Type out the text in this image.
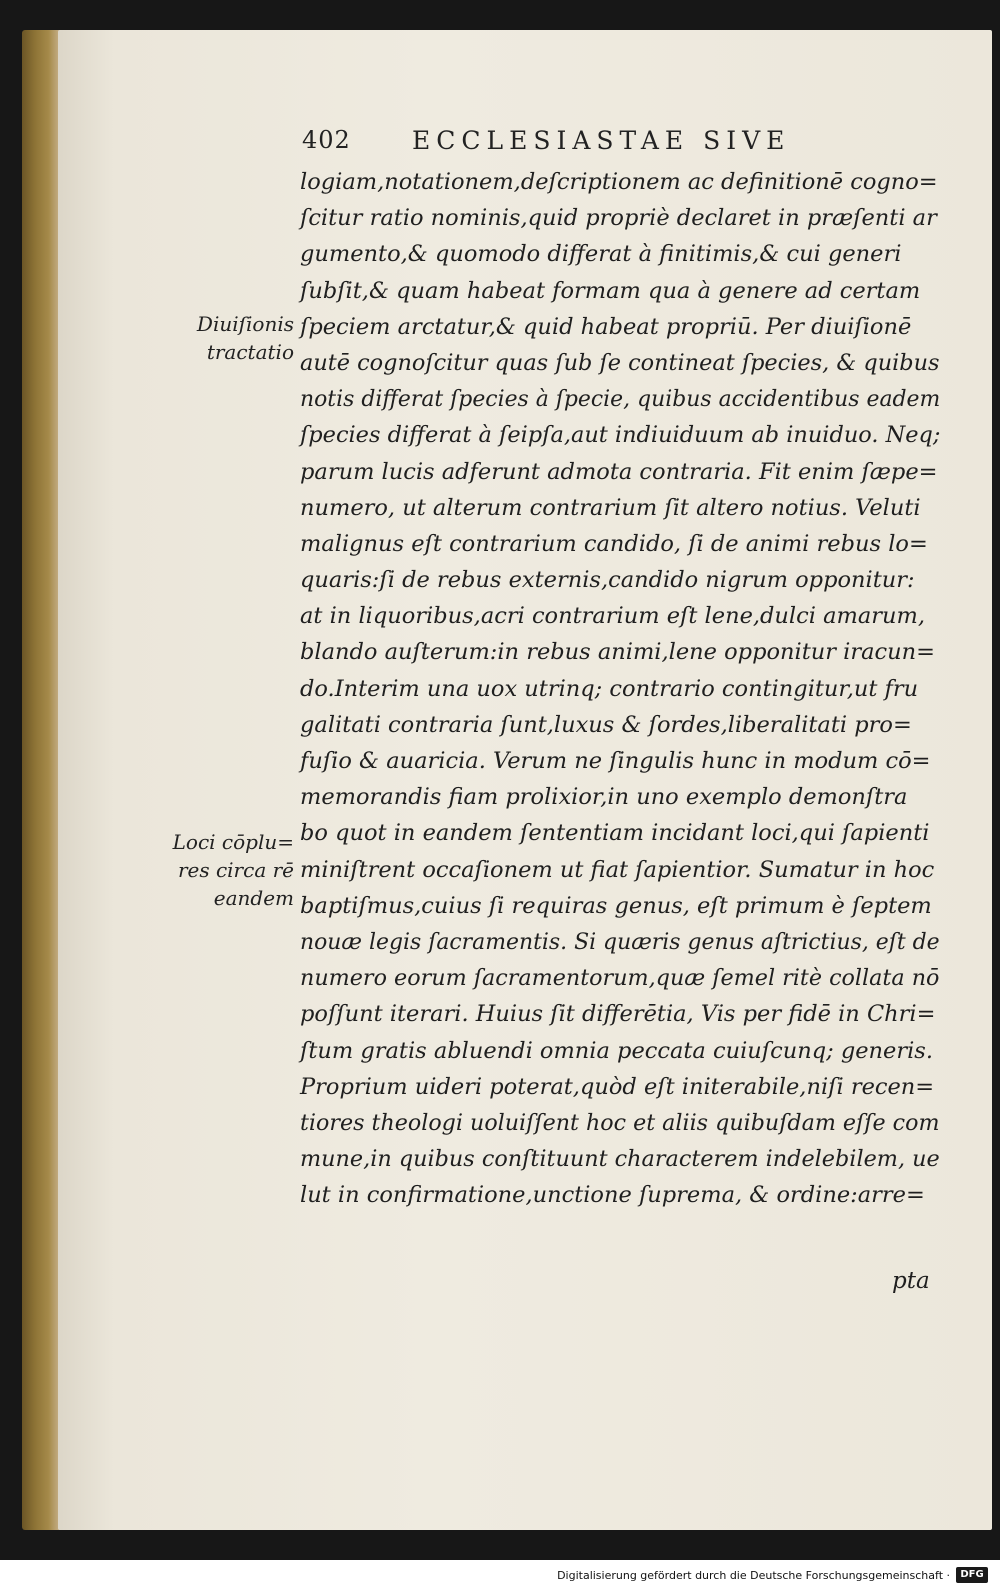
402 ECCLESIASTAE SIVE
Diuiſionis
tractatio
Loci cōplu=
res circa rē
eandem
logiam,notationem,deſcriptionem ac definitionē cogno=
ſcitur ratio nominis,quid propriè declaret in præſenti ar
gumento,& quomodo differat à finitimis,& cui generi
ſubſit,& quam habeat formam qua à genere ad certam
ſpeciem arctatur,& quid habeat propriū. Per diuiſionē
autē cognoſcitur quas ſub ſe contineat ſpecies, & quibus
notis differat ſpecies à ſpecie, quibus accidentibus eadem
ſpecies differat à ſeipſa,aut indiuiduum ab inuiduo. Neq;
parum lucis adferunt admota contraria. Fit enim ſæpe=
numero, ut alterum contrarium ſit altero notius. Veluti
malignus eſt contrarium candido, ſi de animi rebus lo=
quaris:ſi de rebus externis,candido nigrum opponitur:
at in liquoribus,acri contrarium eſt lene,dulci amarum,
blando auſterum:in rebus animi,lene opponitur iracun=
do.Interim una uox utrinq; contrario contingitur,ut fru
galitati contraria ſunt,luxus & ſordes,liberalitati pro=
fuſio & auaricia. Verum ne ſingulis hunc in modum cō=
memorandis fiam prolixior,in uno exemplo demonſtra
bo quot in eandem ſententiam incidant loci,qui ſapienti
miniſtrent occaſionem ut fiat ſapientior. Sumatur in hoc
baptiſmus,cuius ſi requiras genus, eſt primum è ſeptem
nouæ legis ſacramentis. Si quæris genus aſtrictius, eſt de
numero eorum ſacramentorum,quæ ſemel ritè collata nō
poſſunt iterari. Huius ſit differētia, Vis per fidē in Chri=
ſtum gratis abluendi omnia peccata cuiuſcunq; generis.
Proprium uideri poterat,quòd eſt initerabile,niſi recen=
tiores theologi uoluiſſent hoc et aliis quibuſdam eſſe com
mune,in quibus conſtituunt characterem indelebilem, ue
lut in confirmatione,unctione ſuprema, & ordine:arre=
pta
Digitalisierung gefördert durch die Deutsche Forschungsgemeinschaft ·	DFG
